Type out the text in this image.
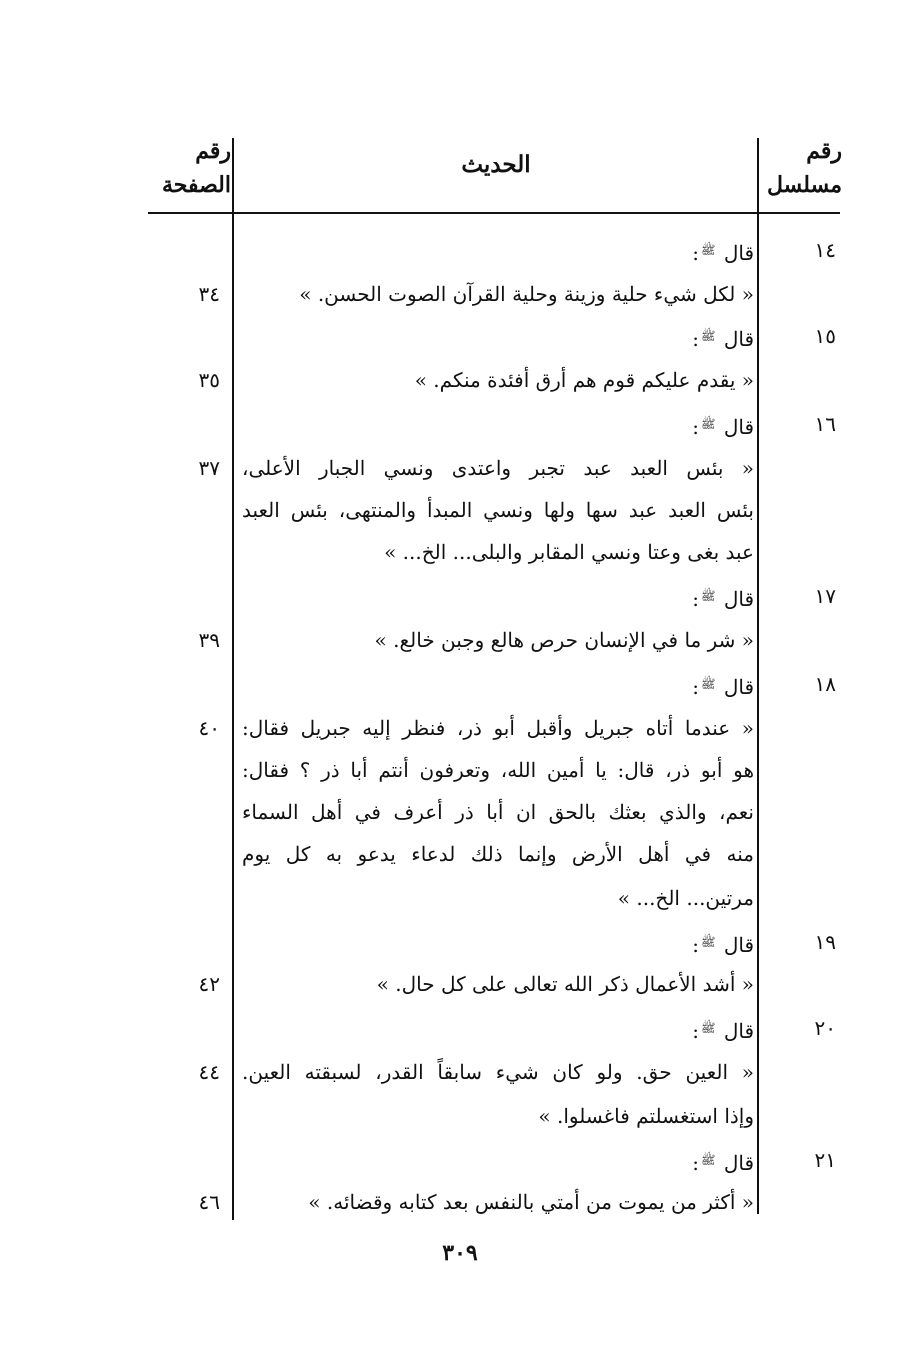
رقم
مسلسل
الحديث
رقم
الصفحة
١٤
قال ﷺ:
« لكل شيء حلية وزينة وحلية القرآن الصوت الحسن. »
٣٤
١٥
قال ﷺ:
« يقدم عليكم قوم هم أرق أفئدة منكم. »
٣٥
١٦
قال ﷺ:
« بئس العبد عبد تجبر واعتدى ونسي الجبار الأعلى،
٣٧
بئس العبد عبد سها ولها ونسي المبدأ والمنتهى، بئس العبد
عبد بغى وعتا ونسي المقابر والبلى... الخ... »
١٧
قال ﷺ:
« شر ما في الإنسان حرص هالع وجبن خالع. »
٣٩
١٨
قال ﷺ:
« عندما أتاه جبريل وأقبل أبو ذر، فنظر إليه جبريل فقال:
٤٠
هو أبو ذر، قال: يا أمين الله، وتعرفون أنتم أبا ذر ؟ فقال:
نعم، والذي بعثك بالحق ان أبا ذر أعرف في أهل السماء
منه في أهل الأرض وإنما ذلك لدعاء يدعو به كل يوم
مرتين... الخ... »
١٩
قال ﷺ:
« أشد الأعمال ذكر الله تعالى على كل حال. »
٤٢
٢٠
قال ﷺ:
« العين حق. ولو كان شيء سابقاً القدر، لسبقته العين.
٤٤
وإذا استغسلتم فاغسلوا. »
٢١
قال ﷺ:
« أكثر من يموت من أمتي بالنفس بعد كتابه وقضائه. »
٤٦
٣٠٩
